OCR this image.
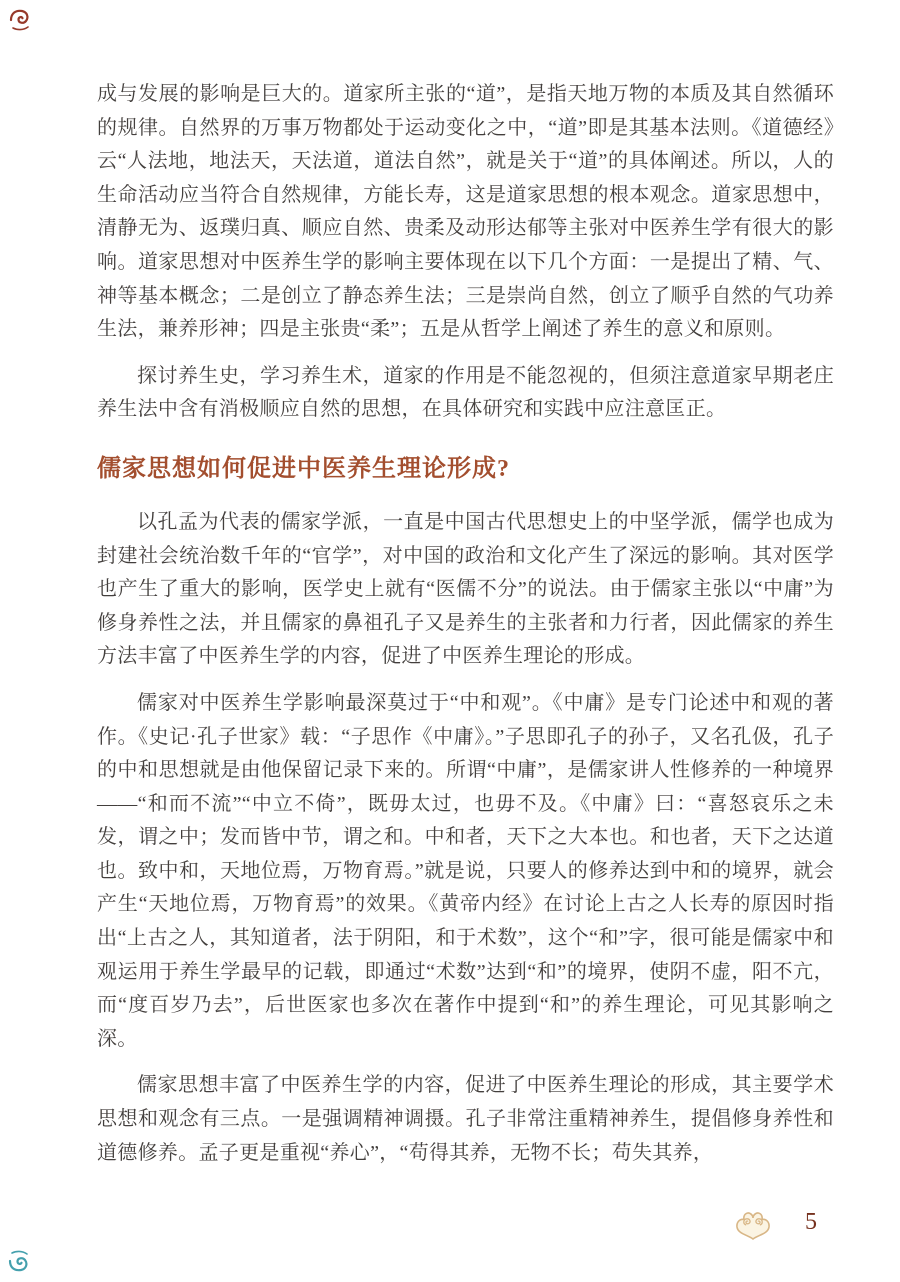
成与发展的影响是巨大的。道家所主张的“道”，是指天地万物的本质及其自然循环的规律。自然界的万事万物都处于运动变化之中，“道”即是其基本法则。《道德经》云“人法地，地法天，天法道，道法自然”，就是关于“道”的具体阐述。所以，人的生命活动应当符合自然规律，方能长寿，这是道家思想的根本观念。道家思想中，清静无为、返璞归真、顺应自然、贵柔及动形达郁等主张对中医养生学有很大的影响。道家思想对中医养生学的影响主要体现在以下几个方面：一是提出了精、气、神等基本概念；二是创立了静态养生法；三是崇尚自然，创立了顺乎自然的气功养生法，兼养形神；四是主张贵“柔”；五是从哲学上阐述了养生的意义和原则。

探讨养生史，学习养生术，道家的作用是不能忽视的，但须注意道家早期老庄养生法中含有消极顺应自然的思想，在具体研究和实践中应注意匡正。

儒家思想如何促进中医养生理论形成?

以孔孟为代表的儒家学派，一直是中国古代思想史上的中坚学派，儒学也成为封建社会统治数千年的“官学”，对中国的政治和文化产生了深远的影响。其对医学也产生了重大的影响，医学史上就有“医儒不分”的说法。由于儒家主张以“中庸”为修身养性之法，并且儒家的鼻祖孔子又是养生的主张者和力行者，因此儒家的养生方法丰富了中医养生学的内容，促进了中医养生理论的形成。

儒家对中医养生学影响最深莫过于“中和观”。《中庸》是专门论述中和观的著作。《史记·孔子世家》载：“子思作《中庸》。”子思即孔子的孙子，又名孔伋，孔子的中和思想就是由他保留记录下来的。所谓“中庸”，是儒家讲人性修养的一种境界——“和而不流”“中立不倚”，既毋太过，也毋不及。《中庸》曰：“喜怒哀乐之未发，谓之中；发而皆中节，谓之和。中和者，天下之大本也。和也者，天下之达道也。致中和，天地位焉，万物育焉。”就是说，只要人的修养达到中和的境界，就会产生“天地位焉，万物育焉”的效果。《黄帝内经》在讨论上古之人长寿的原因时指出“上古之人，其知道者，法于阴阳，和于术数”，这个“和”字，很可能是儒家中和观运用于养生学最早的记载，即通过“术数”达到“和”的境界，使阴不虚，阳不亢，而“度百岁乃去”，后世医家也多次在著作中提到“和”的养生理论，可见其影响之深。

儒家思想丰富了中医养生学的内容，促进了中医养生理论的形成，其主要学术思想和观念有三点。一是强调精神调摄。孔子非常注重精神养生，提倡修身养性和道德修养。孟子更是重视“养心”，“苟得其养，无物不长；苟失其养，

5
